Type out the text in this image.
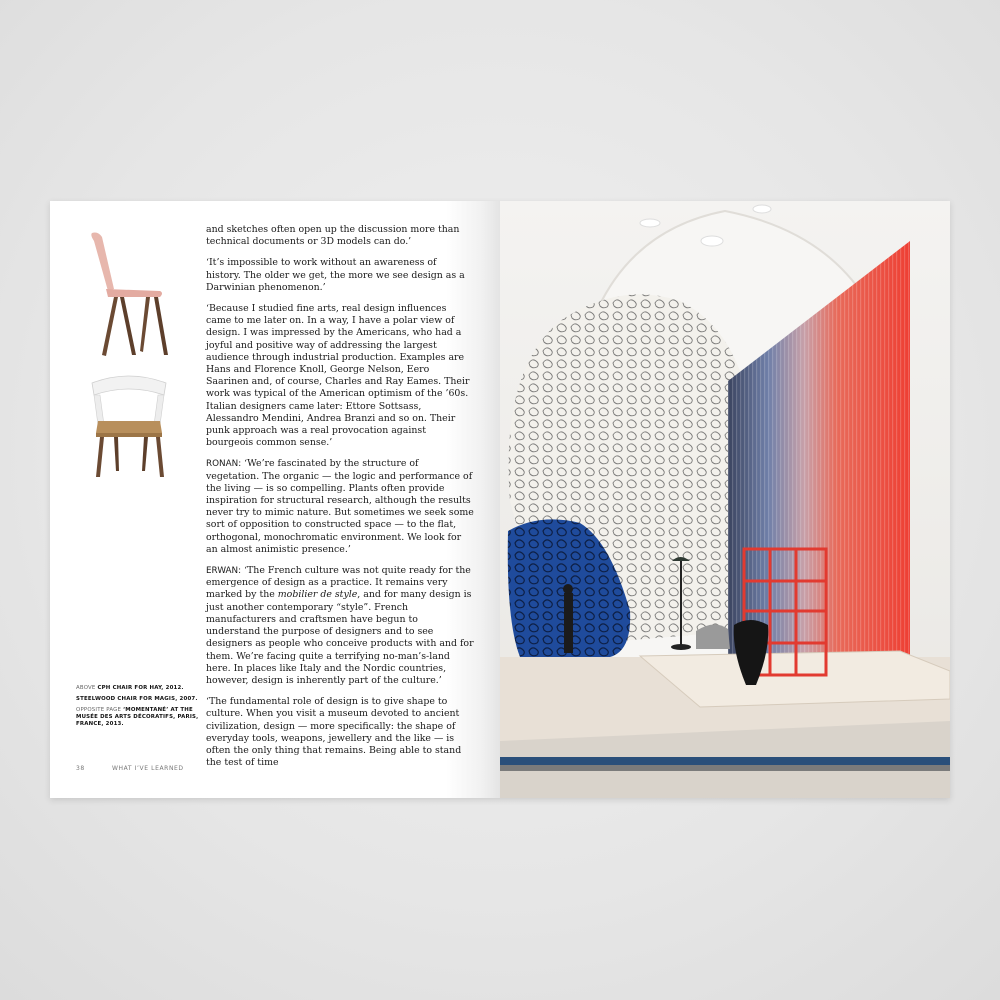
ABOVE CPH CHAIR FOR HAY, 2012.

STEELWOOD CHAIR FOR MAGIS, 2007.

OPPOSITE PAGE ‘MOMENTANÉ’ AT THE MUSÉE DES ARTS DÉCORATIFS, PARIS, FRANCE, 2013.

38	WHAT I’VE LEARNED

and sketches often open up the discussion more than technical documents or 3D models can do.’

‘It’s impossible to work without an awareness of history. The older we get, the more we see design as a Darwinian phenomenon.’

‘Because I studied fine arts, real design influences came to me later on. In a way, I have a polar view of design. I was impressed by the Americans, who had a joyful and positive way of addressing the largest audience through industrial production. Examples are Hans and Florence Knoll, George Nelson, Eero Saarinen and, of course, Charles and Ray Eames. Their work was typical of the American optimism of the ’60s. Italian designers came later: Ettore Sottsass, Alessandro Mendini, Andrea Branzi and so on. Their punk approach was a real provocation against bourgeois common sense.’

RONAN: ‘We’re fascinated by the structure of vegetation. The organic — the logic and performance of the living — is so compelling. Plants often provide inspiration for structural research, although the results never try to mimic nature. But sometimes we seek some sort of opposition to constructed space — to the flat, orthogonal, monochromatic environment. We look for an almost animistic presence.’

ERWAN: ‘The French culture was not quite ready for the emergence of design as a practice. It remains very marked by the mobilier de style, and for many design is just another contemporary “style”. French manufacturers and craftsmen have begun to understand the purpose of designers and to see designers as people who conceive products with and for them. We’re facing quite a terrifying no-man’s-land here. In places like Italy and the Nordic countries, however, design is inherently part of the culture.’

‘The fundamental role of design is to give shape to culture. When you visit a museum devoted to ancient civilization, design — more specifically: the shape of everyday tools, weapons, jewellery and the like — is often the only thing that remains. Being able to stand the test of time
